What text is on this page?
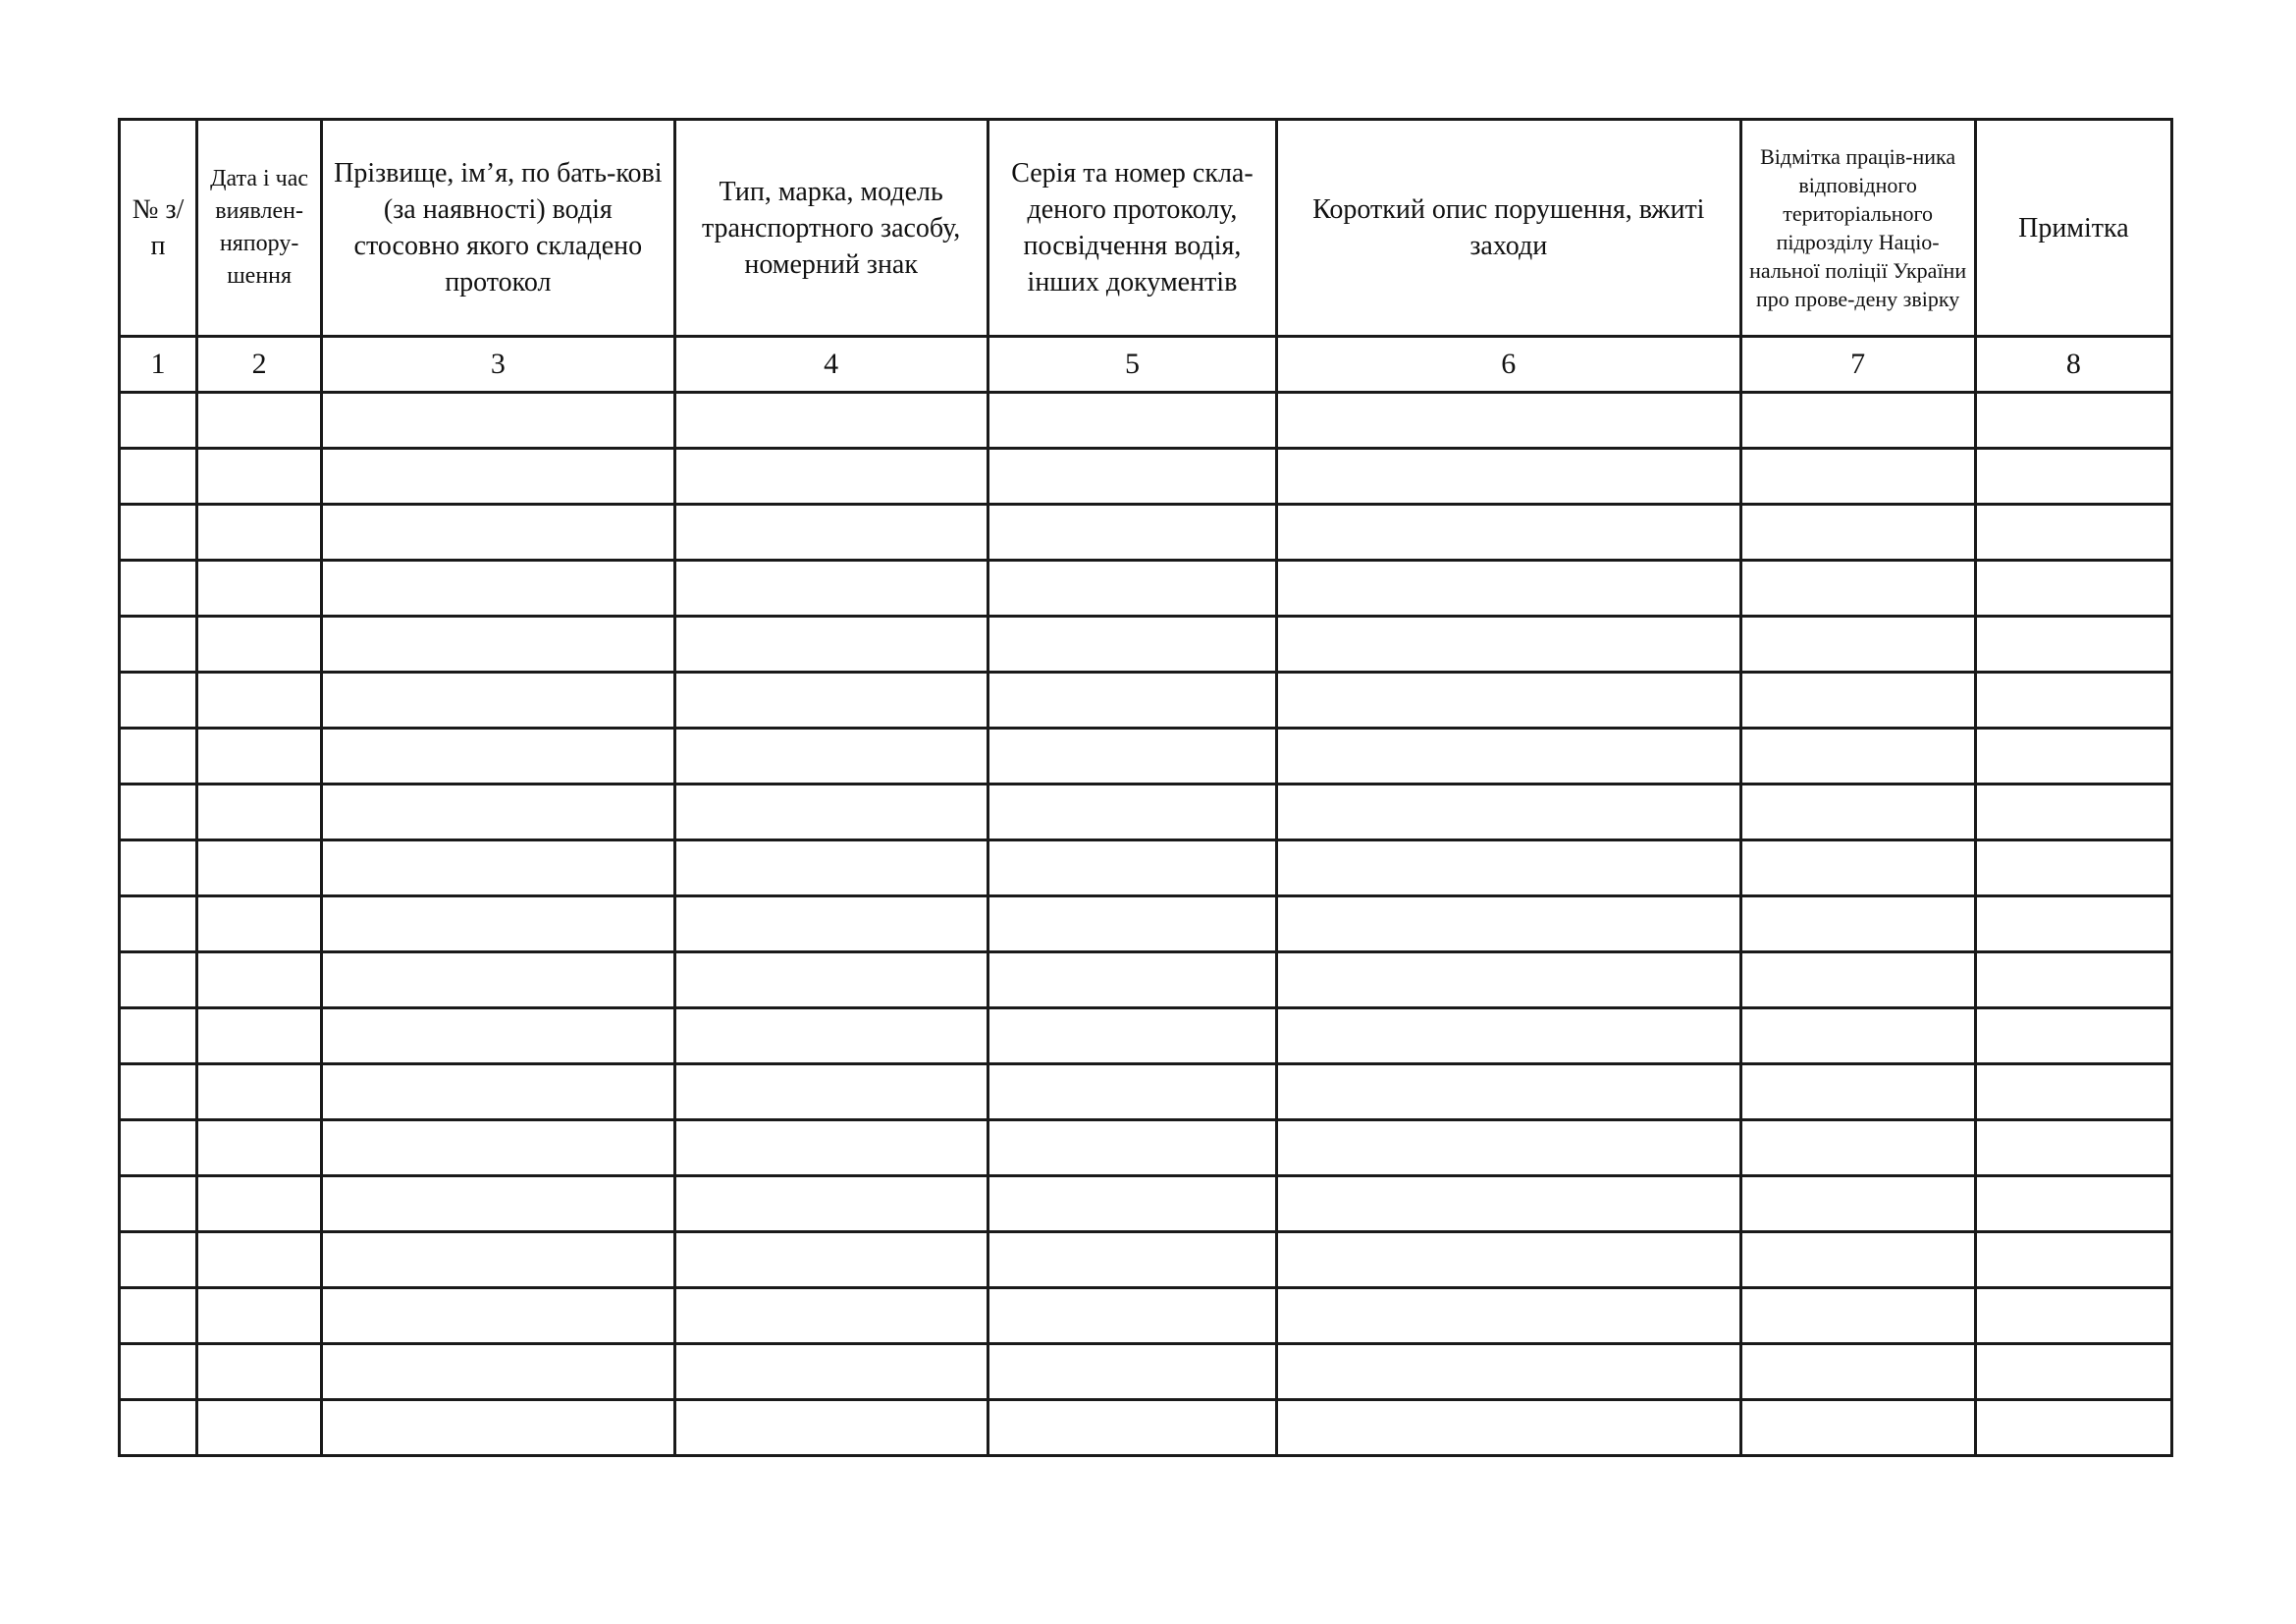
№ з/п	Дата і час виявлен-няпору-шення	Прізвище, ім’я, по бать-кові (за наявності) водія стосовно якого складено протокол	Тип, марка, модель транспортного засобу, номерний знак	Серія та номер скла-деного протоколу, посвідчення водія, інших документів	Короткий опис порушення, вжиті заходи	Відмітка праців-ника відповідного територіального підрозділу Націо-нальної поліції України про прове-дену звірку	Примітка
1	2	3	4	5	6	7	8
